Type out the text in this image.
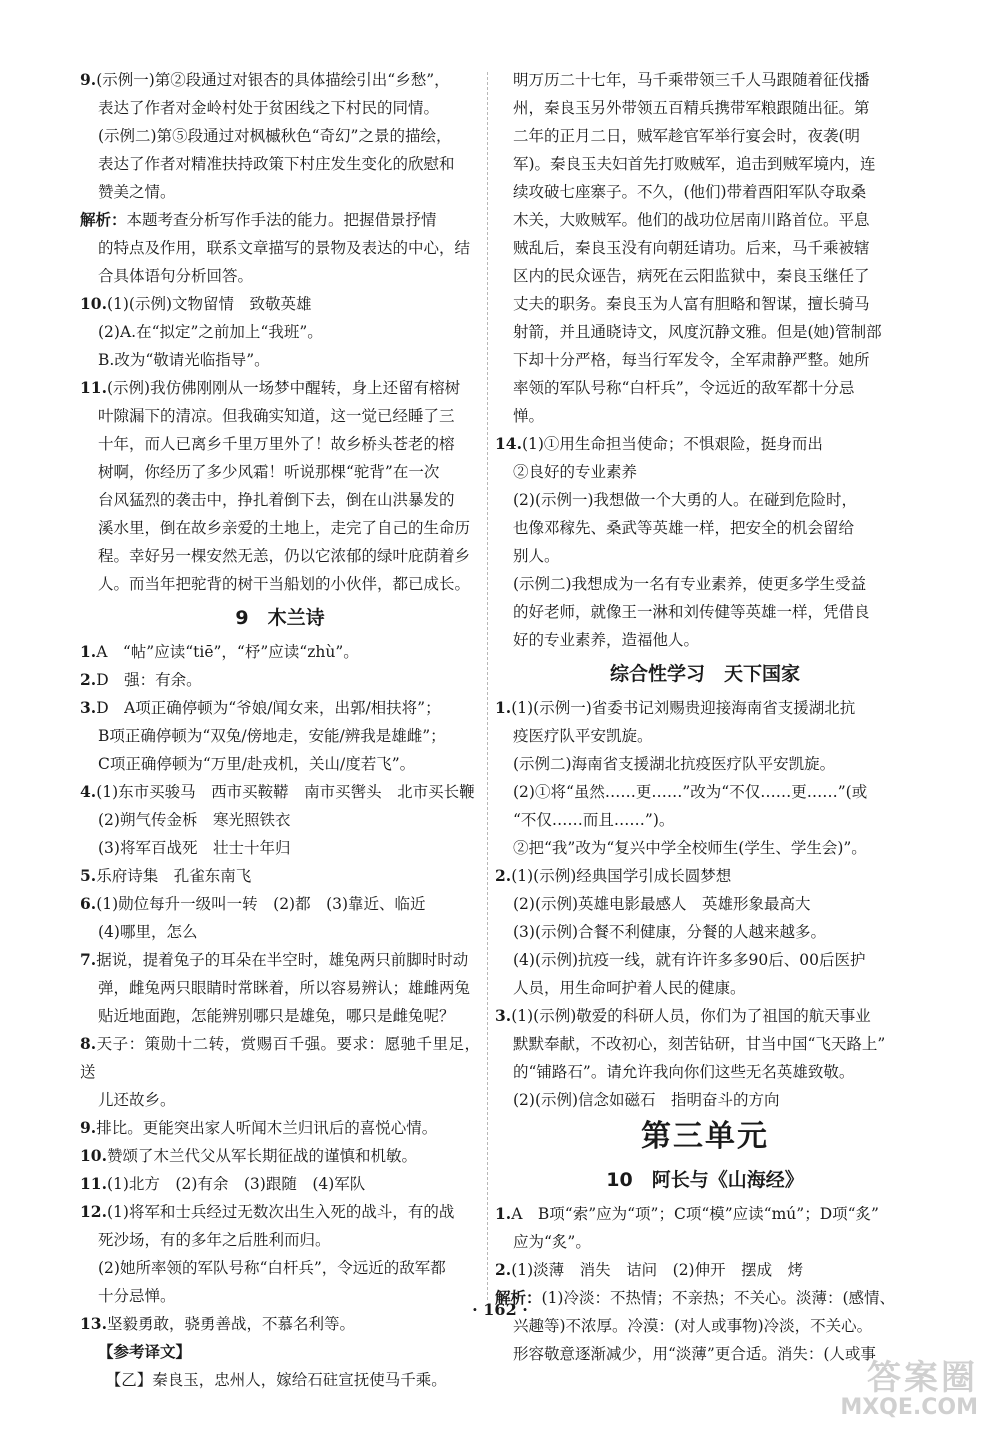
9.(示例一)第②段通过对银杏的具体描绘引出“乡愁”，
表达了作者对金岭村处于贫困线之下村民的同情。
(示例二)第⑤段通过对枫槭秋色“奇幻”之景的描绘，
表达了作者对精准扶持政策下村庄发生变化的欣慰和
赞美之情。
解析：本题考查分析写作手法的能力。把握借景抒情
的特点及作用，联系文章描写的景物及表达的中心，结
合具体语句分析回答。
10.(1)(示例)文物留情　致敬英雄
(2)A.在“拟定”之前加上“我班”。
B.改为“敬请光临指导”。
11.(示例)我仿佛刚刚从一场梦中醒转，身上还留有榕树
叶隙漏下的清凉。但我确实知道，这一觉已经睡了三
十年，而人已离乡千里万里外了！故乡桥头苍老的榕
树啊，你经历了多少风霜！听说那棵“驼背”在一次
台风猛烈的袭击中，挣扎着倒下去，倒在山洪暴发的
溪水里，倒在故乡亲爱的土地上，走完了自己的生命历
程。幸好另一棵安然无恙，仍以它浓郁的绿叶庇荫着乡
人。而当年把驼背的树干当船划的小伙伴，都已成长。
9　木兰诗
1.A　“帖”应读“tiē”，“杼”应读“zhù”。
2.D　强：有余。
3.D　A项正确停顿为“爷娘/闻女来，出郭/相扶将”；
B项正确停顿为“双兔/傍地走，安能/辨我是雄雌”；
C项正确停顿为“万里/赴戎机，关山/度若飞”。
4.(1)东市买骏马　西市买鞍鞯　南市买辔头　北市买长鞭
(2)朔气传金柝　寒光照铁衣
(3)将军百战死　壮士十年归
5.乐府诗集　孔雀东南飞
6.(1)勋位每升一级叫一转　(2)都　(3)靠近、临近
(4)哪里，怎么
7.据说，提着兔子的耳朵在半空时，雄兔两只前脚时时动
弹，雌兔两只眼睛时常眯着，所以容易辨认；雄雌两兔
贴近地面跑，怎能辨别哪只是雄兔，哪只是雌兔呢？
8.天子：策勋十二转，赏赐百千强。要求：愿驰千里足，送
儿还故乡。
9.排比。更能突出家人听闻木兰归讯后的喜悦心情。
10.赞颂了木兰代父从军长期征战的谨慎和机敏。
11.(1)北方　(2)有余　(3)跟随　(4)军队
12.(1)将军和士兵经过无数次出生入死的战斗，有的战
死沙场，有的多年之后胜利而归。
(2)她所率领的军队号称“白杆兵”，令远近的敌军都
十分忌惮。
13.坚毅勇敢，骁勇善战，不慕名利等。
【参考译文】
　【乙】秦良玉，忠州人，嫁给石砫宣抚使马千乘。
明万历二十七年，马千乘带领三千人马跟随着征伐播
州，秦良玉另外带领五百精兵携带军粮跟随出征。第
二年的正月二日，贼军趁官军举行宴会时，夜袭(明
军)。秦良玉夫妇首先打败贼军，追击到贼军境内，连
续攻破七座寨子。不久，(他们)带着酉阳军队夺取桑
木关，大败贼军。他们的战功位居南川路首位。平息
贼乱后，秦良玉没有向朝廷请功。后来，马千乘被辖
区内的民众诬告，病死在云阳监狱中，秦良玉继任了
丈夫的职务。秦良玉为人富有胆略和智谋，擅长骑马
射箭，并且通晓诗文，风度沉静文雅。但是(她)管制部
下却十分严格，每当行军发令，全军肃静严整。她所
率领的军队号称“白杆兵”，令远近的敌军都十分忌
惮。
14.(1)①用生命担当使命；不惧艰险，挺身而出
②良好的专业素养
(2)(示例一)我想做一个大勇的人。在碰到危险时，
也像邓稼先、桑武等英雄一样，把安全的机会留给
别人。
(示例二)我想成为一名有专业素养，使更多学生受益
的好老师，就像王一淋和刘传健等英雄一样，凭借良
好的专业素养，造福他人。
综合性学习　天下国家
1.(1)(示例一)省委书记刘赐贵迎接海南省支援湖北抗
疫医疗队平安凯旋。
(示例二)海南省支援湖北抗疫医疗队平安凯旋。
(2)①将“虽然……更……”改为“不仅……更……”(或
“不仅……而且……”)。
②把“我”改为“复兴中学全校师生(学生、学生会)”。
2.(1)(示例)经典国学引成长圆梦想
(2)(示例)英雄电影最感人　英雄形象最高大
(3)(示例)合餐不利健康，分餐的人越来越多。
(4)(示例)抗疫一线，就有许许多多90后、00后医护
人员，用生命呵护着人民的健康。
3.(1)(示例)敬爱的科研人员，你们为了祖国的航天事业
默默奉献，不改初心，刻苦钻研，甘当中国“飞天路上”
的“铺路石”。请允许我向你们这些无名英雄致敬。
(2)(示例)信念如磁石　指明奋斗的方向
第三单元
10　阿长与《山海经》
1.A　B项“索”应为“项”；C项“模”应读“mú”；D项“炙”
应为“炙”。
2.(1)淡薄　消失　诘问　(2)伸开　摆成　烤
解析：(1)冷淡：不热情；不亲热；不关心。淡薄：(感情、
兴趣等)不浓厚。冷漠：(对人或事物)冷淡，不关心。
形容敬意逐渐减少，用“淡薄”更合适。消失：(人或事
· 162 ·
答案圈
MXQE.COM
